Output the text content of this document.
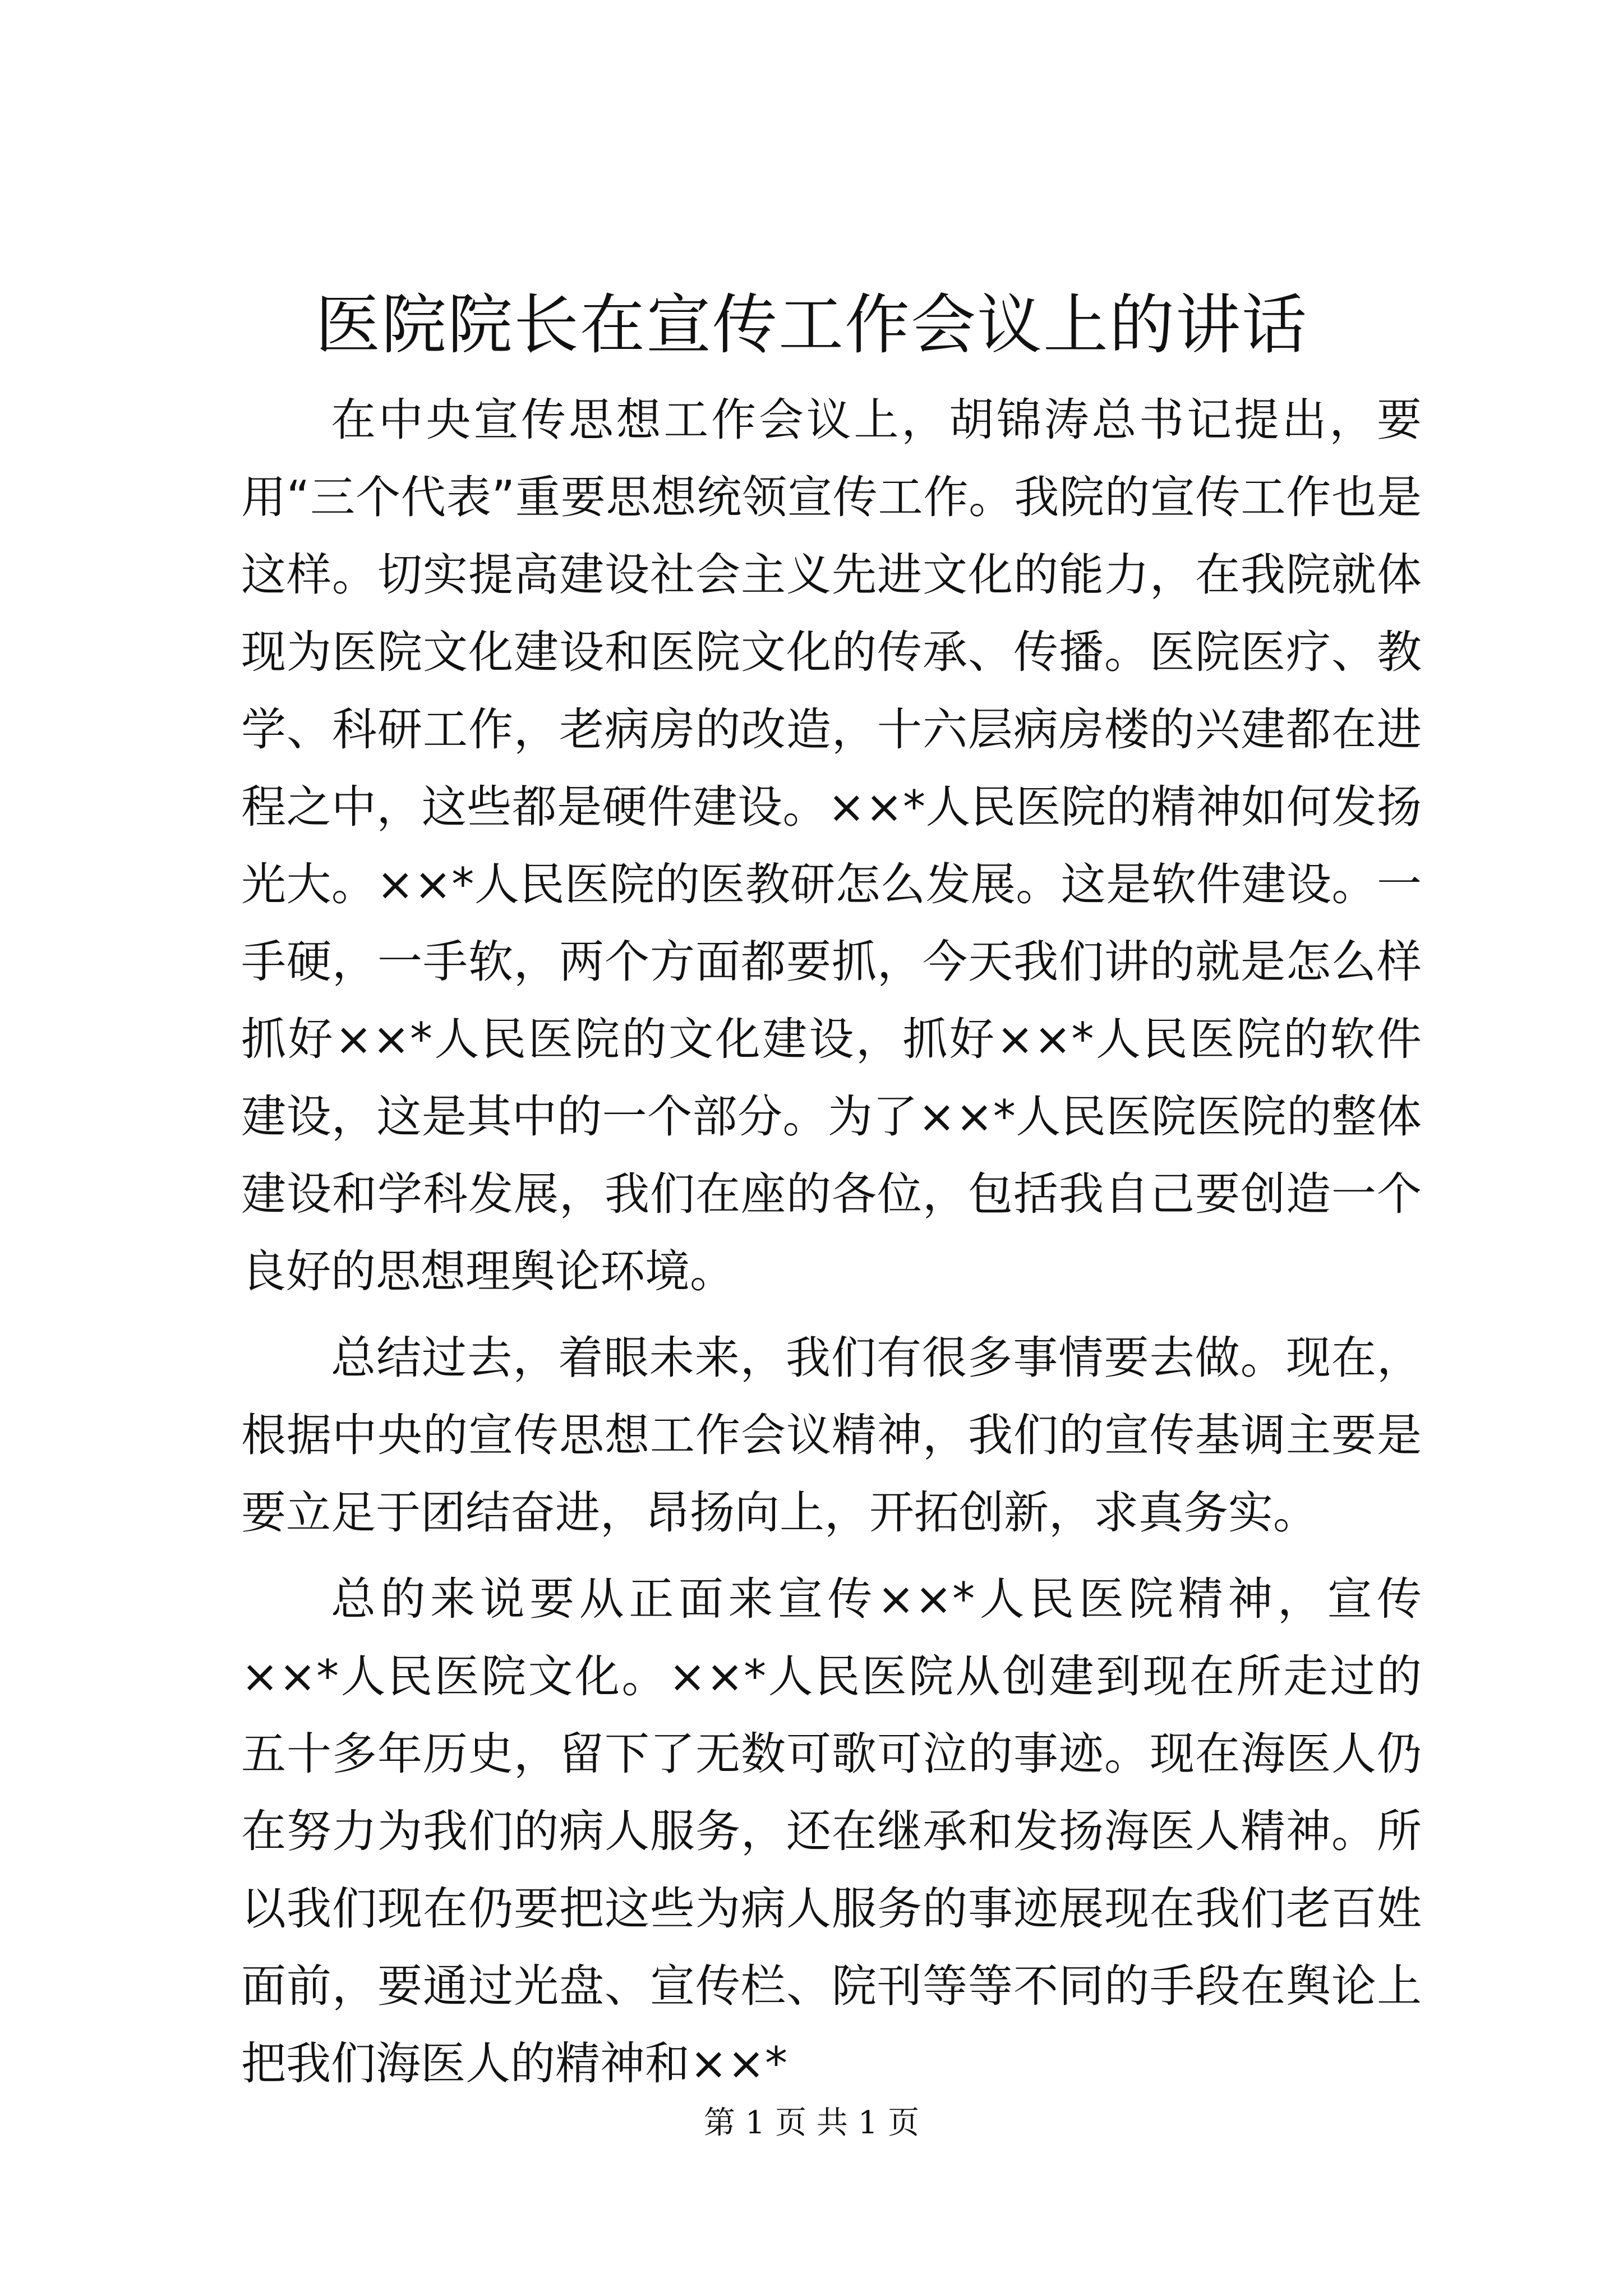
医院院长在宣传工作会议上的讲话

在中央宣传思想工作会议上，胡锦涛总书记提出，要用“三个代表”重要思想统领宣传工作。我院的宣传工作也是这样。切实提高建设社会主义先进文化的能力，在我院就体现为医院文化建设和医院文化的传承、传播。医院医疗、教学、科研工作，老病房的改造，十六层病房楼的兴建都在进程之中，这些都是硬件建设。××*人民医院的精神如何发扬光大。××*人民医院的医教研怎么发展。这是软件建设。一手硬，一手软，两个方面都要抓，今天我们讲的就是怎么样抓好××*人民医院的文化建设，抓好××*人民医院的软件建设，这是其中的一个部分。为了××*人民医院医院的整体建设和学科发展，我们在座的各位，包括我自己要创造一个良好的思想理舆论环境。

总结过去，着眼未来，我们有很多事情要去做。现在，根据中央的宣传思想工作会议精神，我们的宣传基调主要是要立足于团结奋进，昂扬向上，开拓创新，求真务实。

总的来说要从正面来宣传××*人民医院精神，宣传××*人民医院文化。××*人民医院从创建到现在所走过的五十多年历史，留下了无数可歌可泣的事迹。现在海医人仍在努力为我们的病人服务，还在继承和发扬海医人精神。所以我们现在仍要把这些为病人服务的事迹展现在我们老百姓面前，要通过光盘、宣传栏、院刊等等不同的手段在舆论上把我们海医人的精神和××*

第 1 页 共 1 页
